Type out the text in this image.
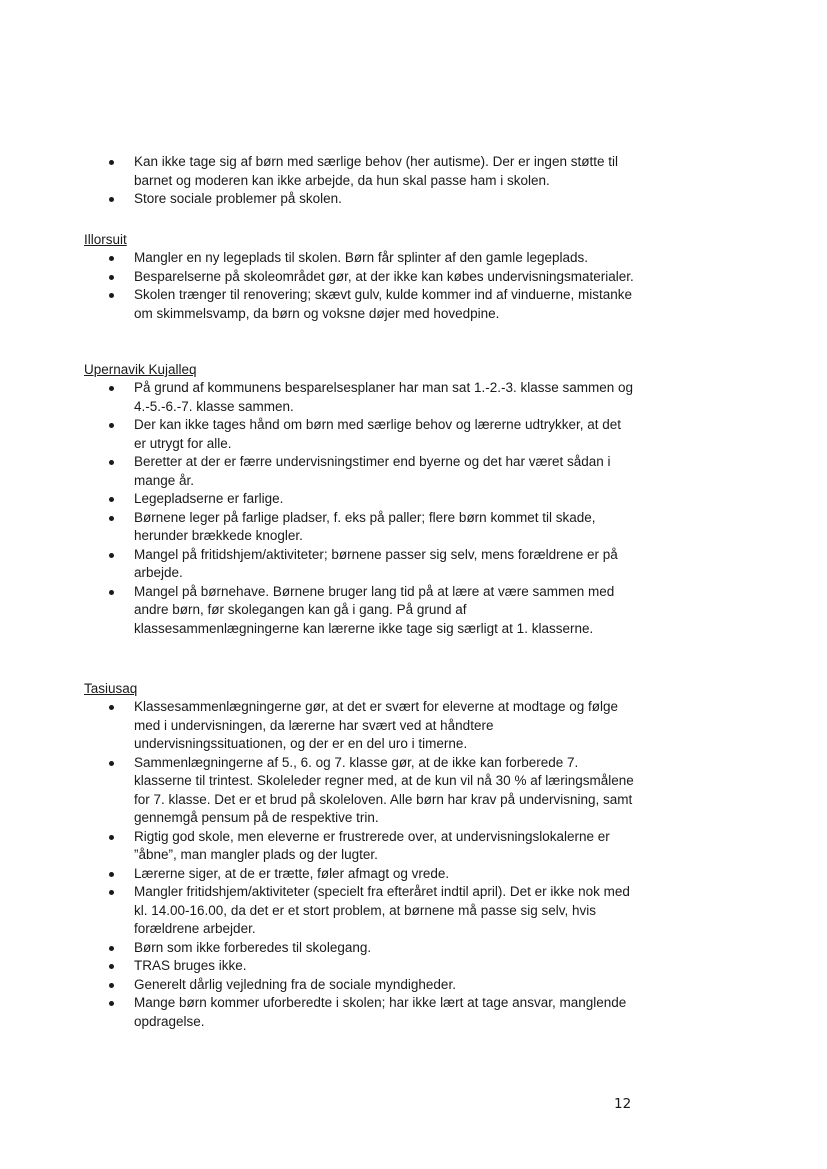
Kan ikke tage sig af børn med særlige behov (her autisme). Der er ingen støtte til barnet og moderen kan ikke arbejde, da hun skal passe ham i skolen.
Store sociale problemer på skolen.
Illorsuit
Mangler en ny legeplads til skolen. Børn får splinter af den gamle legeplads.
Besparelserne på skoleområdet gør, at der ikke kan købes undervisningsmaterialer.
Skolen trænger til renovering; skævt gulv, kulde kommer ind af vinduerne, mistanke om skimmelsvamp, da børn og voksne døjer med hovedpine.
Upernavik Kujalleq
På grund af kommunens besparelsesplaner har man sat 1.-2.-3. klasse sammen og 4.-5.-6.-7. klasse sammen.
Der kan ikke tages hånd om børn med særlige behov og lærerne udtrykker, at det er utrygt for alle.
Beretter at der er færre undervisningstimer end byerne og det har været sådan i mange år.
Legepladserne er farlige.
Børnene leger på farlige pladser, f. eks på paller; flere børn kommet til skade, herunder brækkede knogler.
Mangel på fritidshjem/aktiviteter; børnene passer sig selv, mens forældrene er på arbejde.
Mangel på børnehave. Børnene bruger lang tid på at lære at være sammen med andre børn, før skolegangen kan gå i gang. På grund af klassesammenlægningerne kan lærerne ikke tage sig særligt at 1. klasserne.
Tasiusaq
Klassesammenlægningerne gør, at det er svært for eleverne at modtage og følge med i undervisningen, da lærerne har svært ved at håndtere undervisningssituationen, og der er en del uro i timerne.
Sammenlægningerne af 5., 6. og 7. klasse gør, at de ikke kan forberede 7. klasserne til trintest. Skoleleder regner med, at de kun vil nå 30 % af læringsmålene for 7. klasse. Det er et brud på skoleloven. Alle børn har krav på undervisning, samt gennemgå pensum på de respektive trin.
Rigtig god skole, men eleverne er frustrerede over, at undervisningslokalerne er ”åbne”, man mangler plads og der lugter.
Lærerne siger, at de er trætte, føler afmagt og vrede.
Mangler fritidshjem/aktiviteter (specielt fra efteråret indtil april). Det er ikke nok med kl. 14.00-16.00, da det er et stort problem, at børnene må passe sig selv, hvis forældrene arbejder.
Børn som ikke forberedes til skolegang.
TRAS bruges ikke.
Generelt dårlig vejledning fra de sociale myndigheder.
Mange børn kommer uforberedte i skolen; har ikke lært at tage ansvar, manglende opdragelse.
12
